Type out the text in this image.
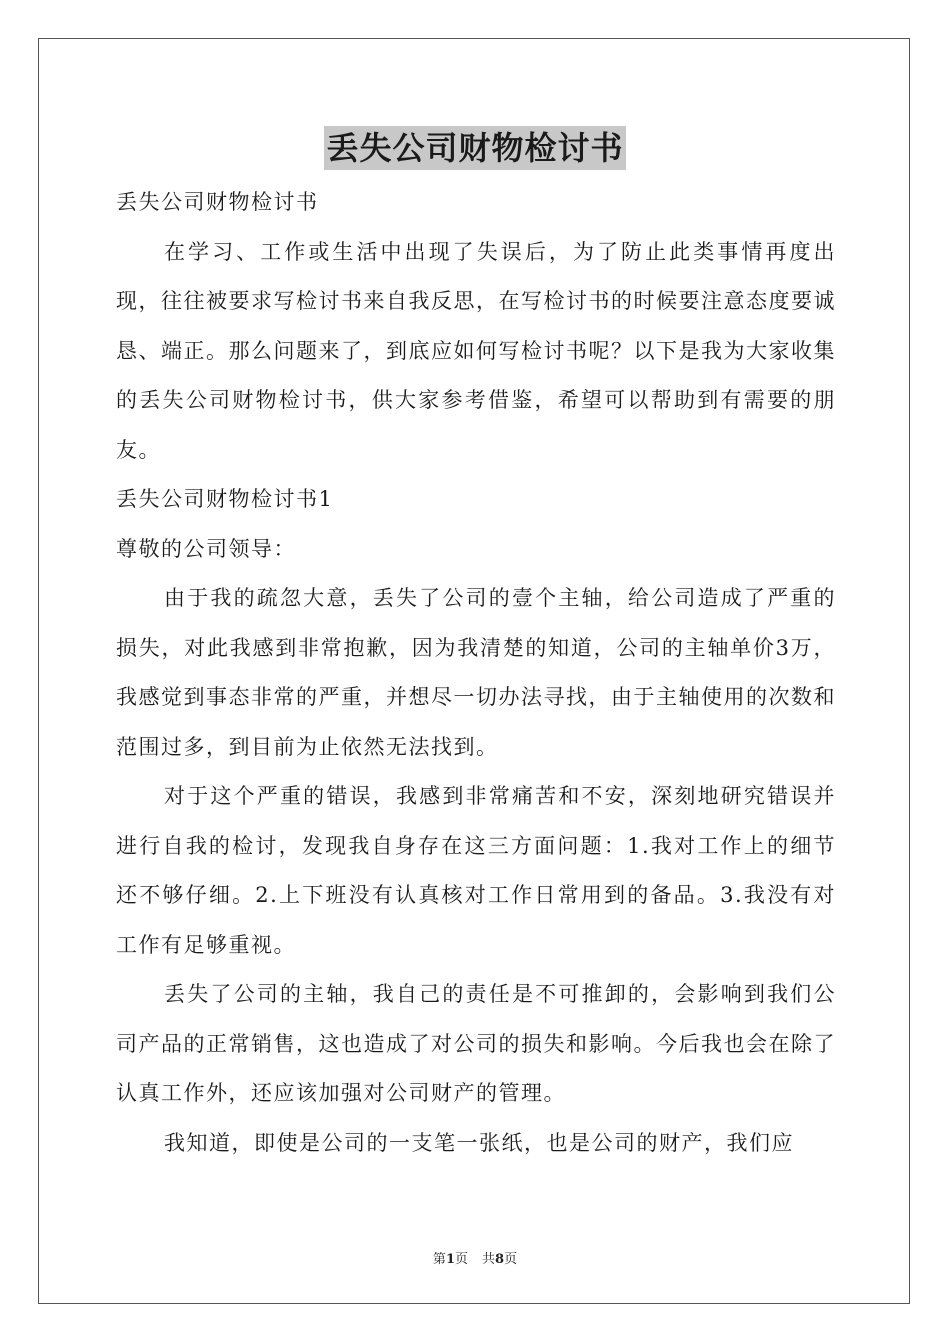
丢失公司财物检讨书

丢失公司财物检讨书

在学习、工作或生活中出现了失误后，为了防止此类事情再度出现，往往被要求写检讨书来自我反思，在写检讨书的时候要注意态度要诚恳、端正。那么问题来了，到底应如何写检讨书呢？以下是我为大家收集的丢失公司财物检讨书，供大家参考借鉴，希望可以帮助到有需要的朋友。

丢失公司财物检讨书1

尊敬的公司领导：

由于我的疏忽大意，丢失了公司的壹个主轴，给公司造成了严重的损失，对此我感到非常抱歉，因为我清楚的知道，公司的主轴单价3万，我感觉到事态非常的严重，并想尽一切办法寻找，由于主轴使用的次数和范围过多，到目前为止依然无法找到。

对于这个严重的错误，我感到非常痛苦和不安，深刻地研究错误并进行自我的检讨，发现我自身存在这三方面问题：1.我对工作上的细节还不够仔细。2.上下班没有认真核对工作日常用到的备品。3.我没有对工作有足够重视。

丢失了公司的主轴，我自己的责任是不可推卸的，会影响到我们公司产品的正常销售，这也造成了对公司的损失和影响。今后我也会在除了认真工作外，还应该加强对公司财产的管理。

我知道，即使是公司的一支笔一张纸，也是公司的财产，我们应

第1页 共8页
